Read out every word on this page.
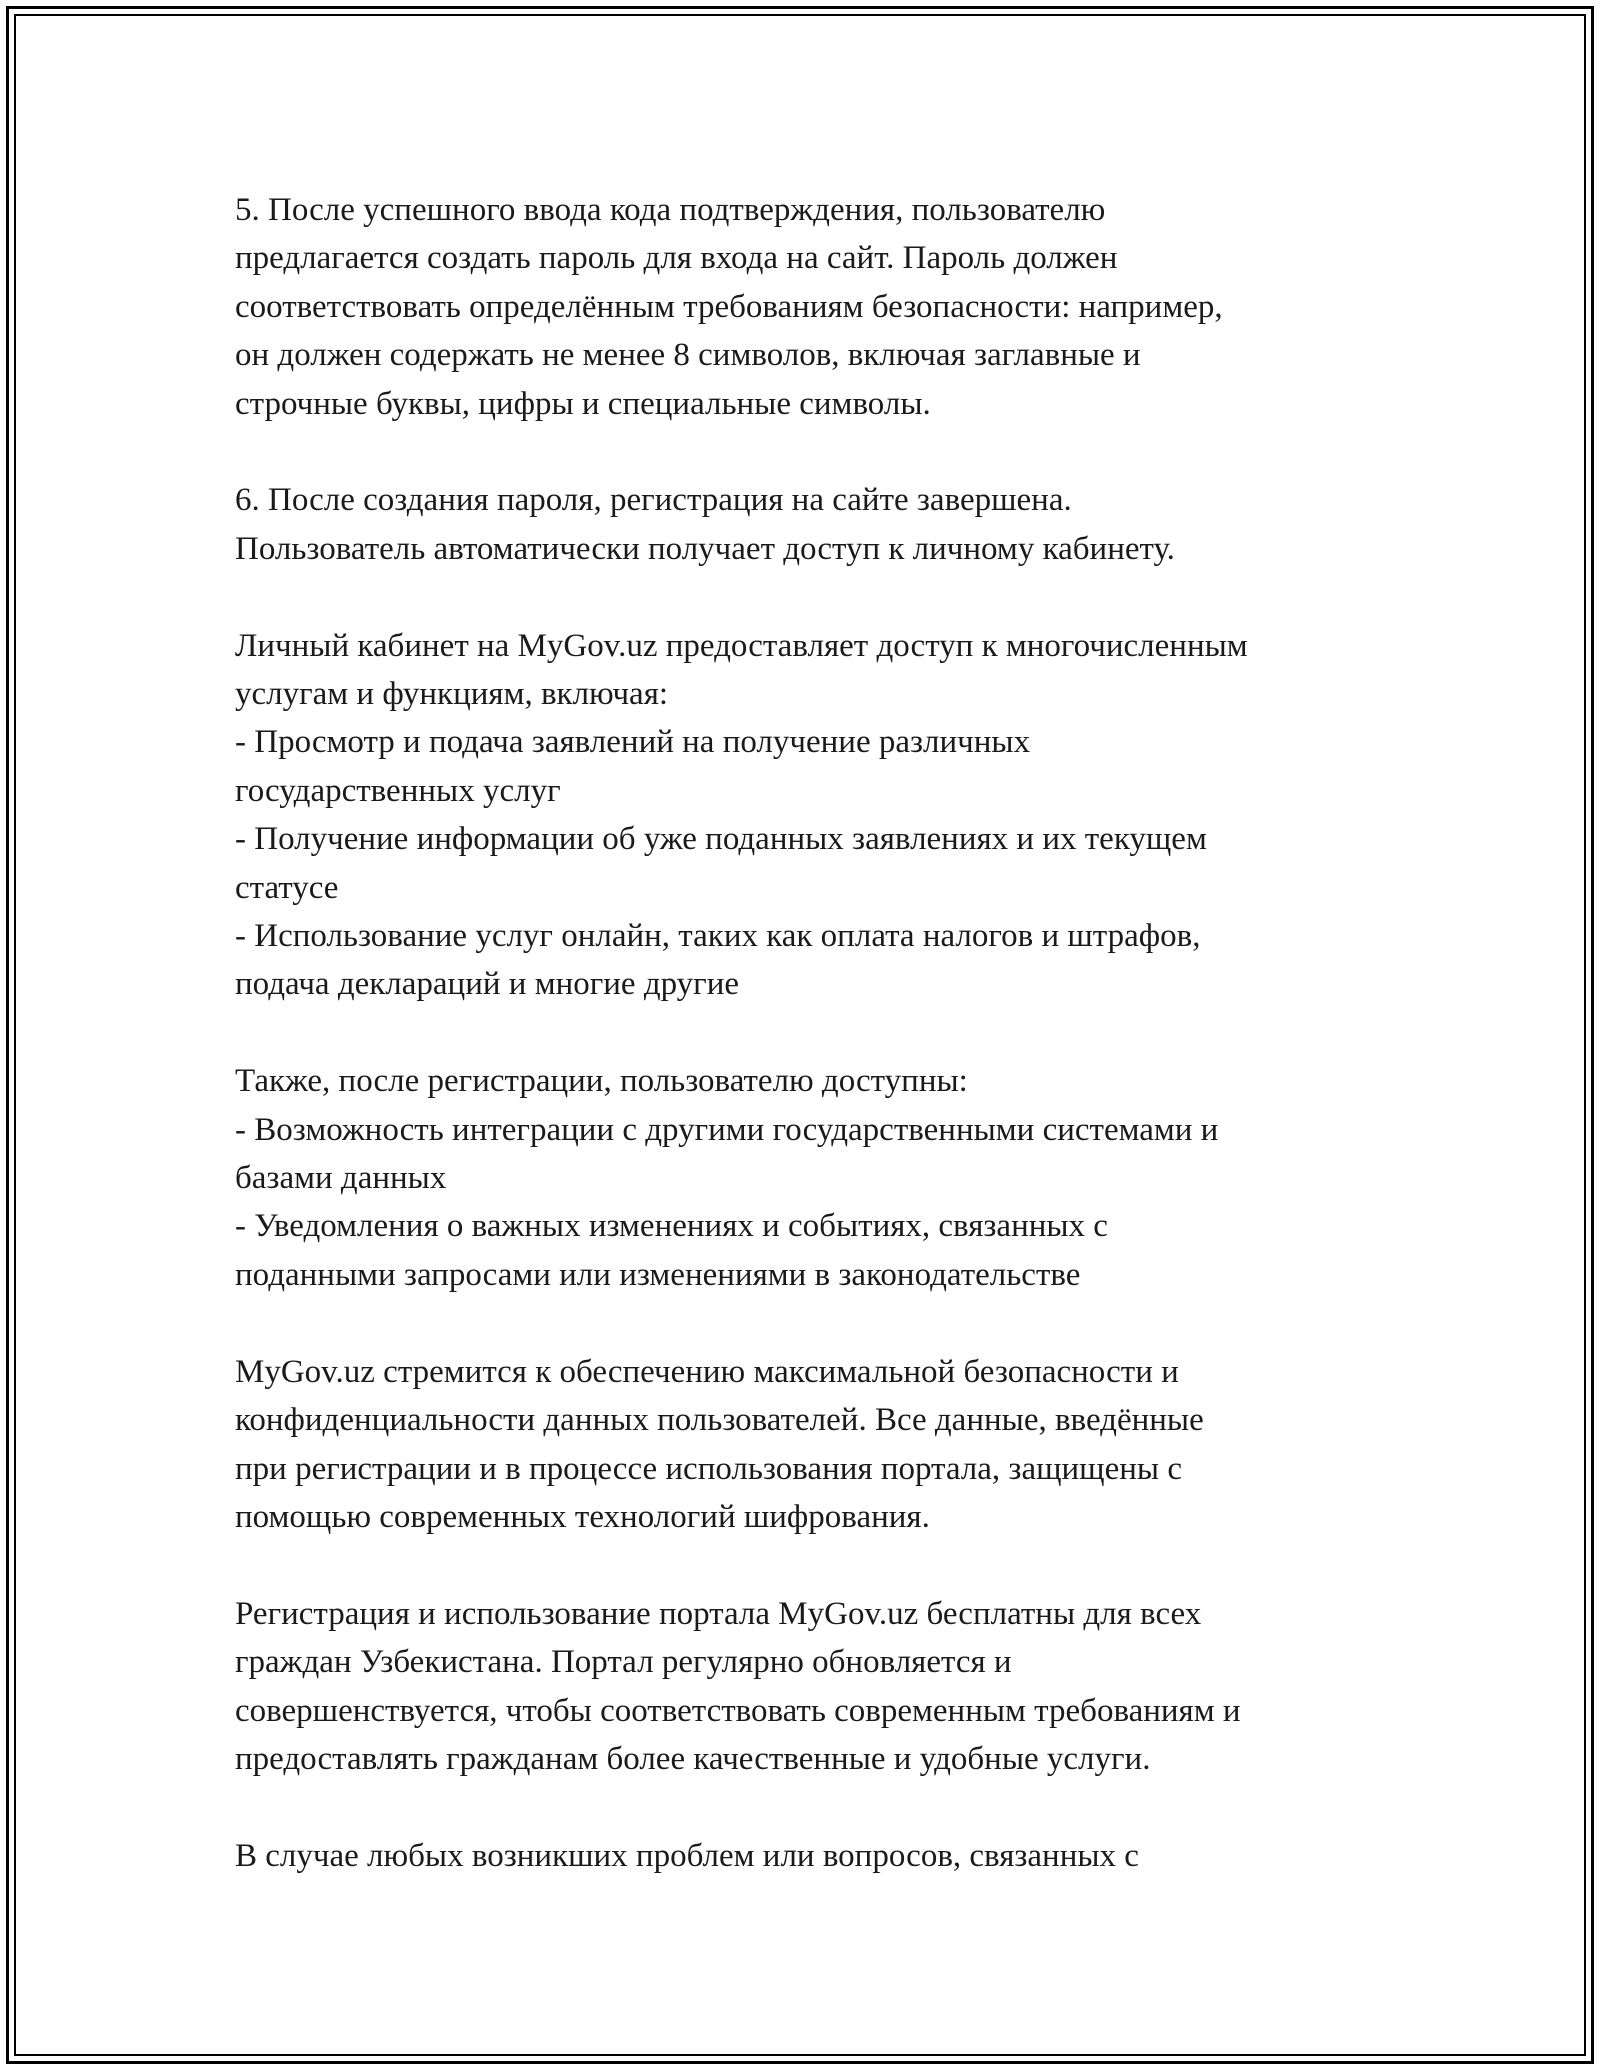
5. После успешного ввода кода подтверждения, пользователю
предлагается создать пароль для входа на сайт. Пароль должен
соответствовать определённым требованиям безопасности: например,
он должен содержать не менее 8 символов, включая заглавные и
строчные буквы, цифры и специальные символы.

6. После создания пароля, регистрация на сайте завершена.
Пользователь автоматически получает доступ к личному кабинету.

Личный кабинет на MyGov.uz предоставляет доступ к многочисленным
услугам и функциям, включая:
- Просмотр и подача заявлений на получение различных
государственных услуг
- Получение информации об уже поданных заявлениях и их текущем
статусе
- Использование услуг онлайн, таких как оплата налогов и штрафов,
подача деклараций и многие другие

Также, после регистрации, пользователю доступны:
- Возможность интеграции с другими государственными системами и
базами данных
- Уведомления о важных изменениях и событиях, связанных с
поданными запросами или изменениями в законодательстве

MyGov.uz стремится к обеспечению максимальной безопасности и
конфиденциальности данных пользователей. Все данные, введённые
при регистрации и в процессе использования портала, защищены с
помощью современных технологий шифрования.

Регистрация и использование портала MyGov.uz бесплатны для всех
граждан Узбекистана. Портал регулярно обновляется и
совершенствуется, чтобы соответствовать современным требованиям и
предоставлять гражданам более качественные и удобные услуги.

В случае любых возникших проблем или вопросов, связанных с
